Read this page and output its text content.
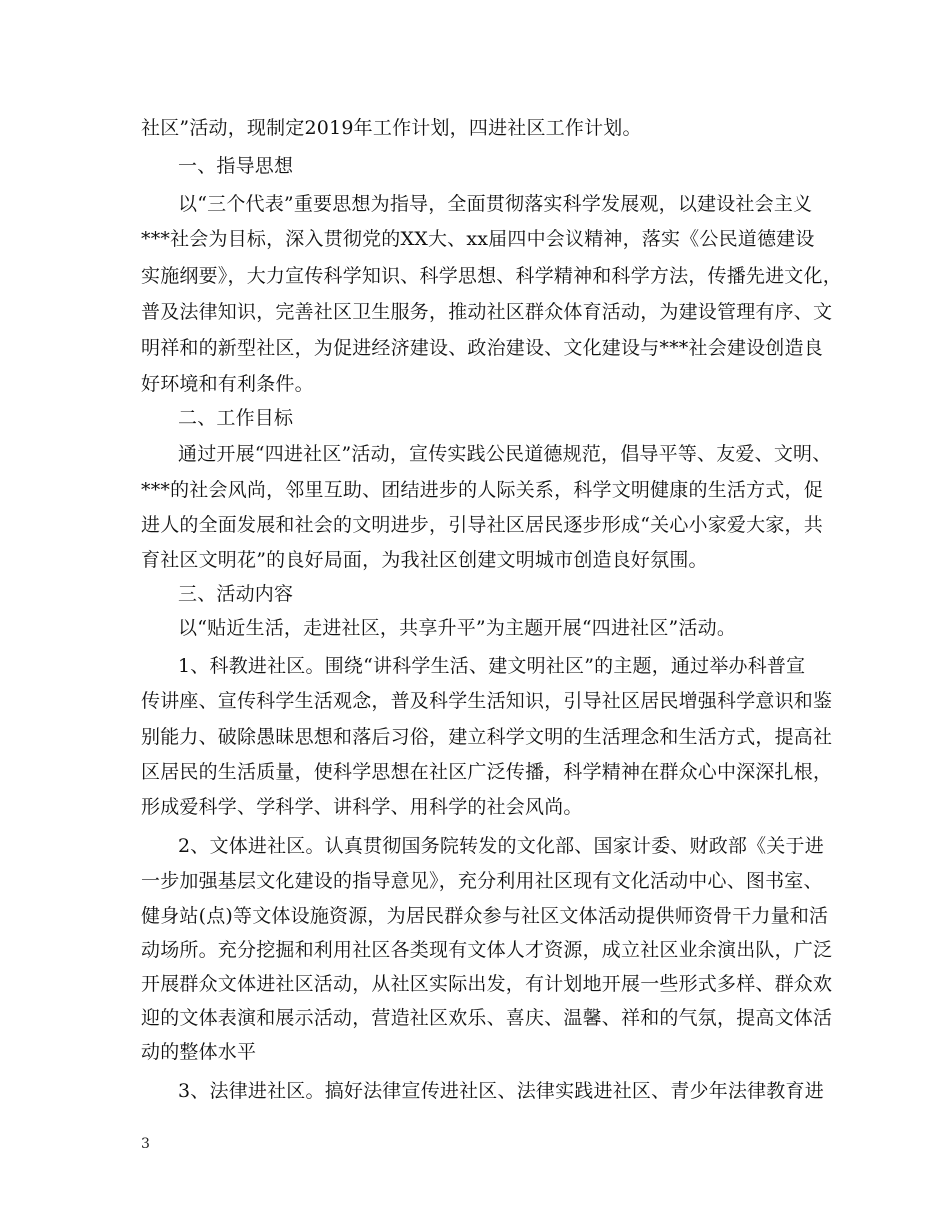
社区”活动，现制定2019年工作计划，四进社区工作计划。
一、指导思想
以“三个代表”重要思想为指导，全面贯彻落实科学发展观，以建设社会主义
***社会为目标，深入贯彻党的XX大、xx届四中会议精神，落实《公民道德建设
实施纲要》，大力宣传科学知识、科学思想、科学精神和科学方法，传播先进文化，
普及法律知识，完善社区卫生服务，推动社区群众体育活动，为建设管理有序、文
明祥和的新型社区，为促进经济建设、政治建设、文化建设与***社会建设创造良
好环境和有利条件。
二、工作目标
通过开展“四进社区”活动，宣传实践公民道德规范，倡导平等、友爱、文明、
***的社会风尚，邻里互助、团结进步的人际关系，科学文明健康的生活方式，促
进人的全面发展和社会的文明进步，引导社区居民逐步形成“关心小家爱大家，共
育社区文明花”的良好局面，为我社区创建文明城市创造良好氛围。
三、活动内容
以“贴近生活，走进社区，共享升平”为主题开展“四进社区”活动。
1、科教进社区。围绕“讲科学生活、建文明社区”的主题，通过举办科普宣
传讲座、宣传科学生活观念，普及科学生活知识，引导社区居民增强科学意识和鉴
别能力、破除愚昧思想和落后习俗，建立科学文明的生活理念和生活方式，提高社
区居民的生活质量，使科学思想在社区广泛传播，科学精神在群众心中深深扎根，
形成爱科学、学科学、讲科学、用科学的社会风尚。
2、文体进社区。认真贯彻国务院转发的文化部、国家计委、财政部《关于进
一步加强基层文化建设的指导意见》，充分利用社区现有文化活动中心、图书室、
健身站(点)等文体设施资源，为居民群众参与社区文体活动提供师资骨干力量和活
动场所。充分挖掘和利用社区各类现有文体人才资源，成立社区业余演出队，广泛
开展群众文体进社区活动，从社区实际出发，有计划地开展一些形式多样、群众欢
迎的文体表演和展示活动，营造社区欢乐、喜庆、温馨、祥和的气氛，提高文体活
动的整体水平
3、法律进社区。搞好法律宣传进社区、法律实践进社区、青少年法律教育进
3
